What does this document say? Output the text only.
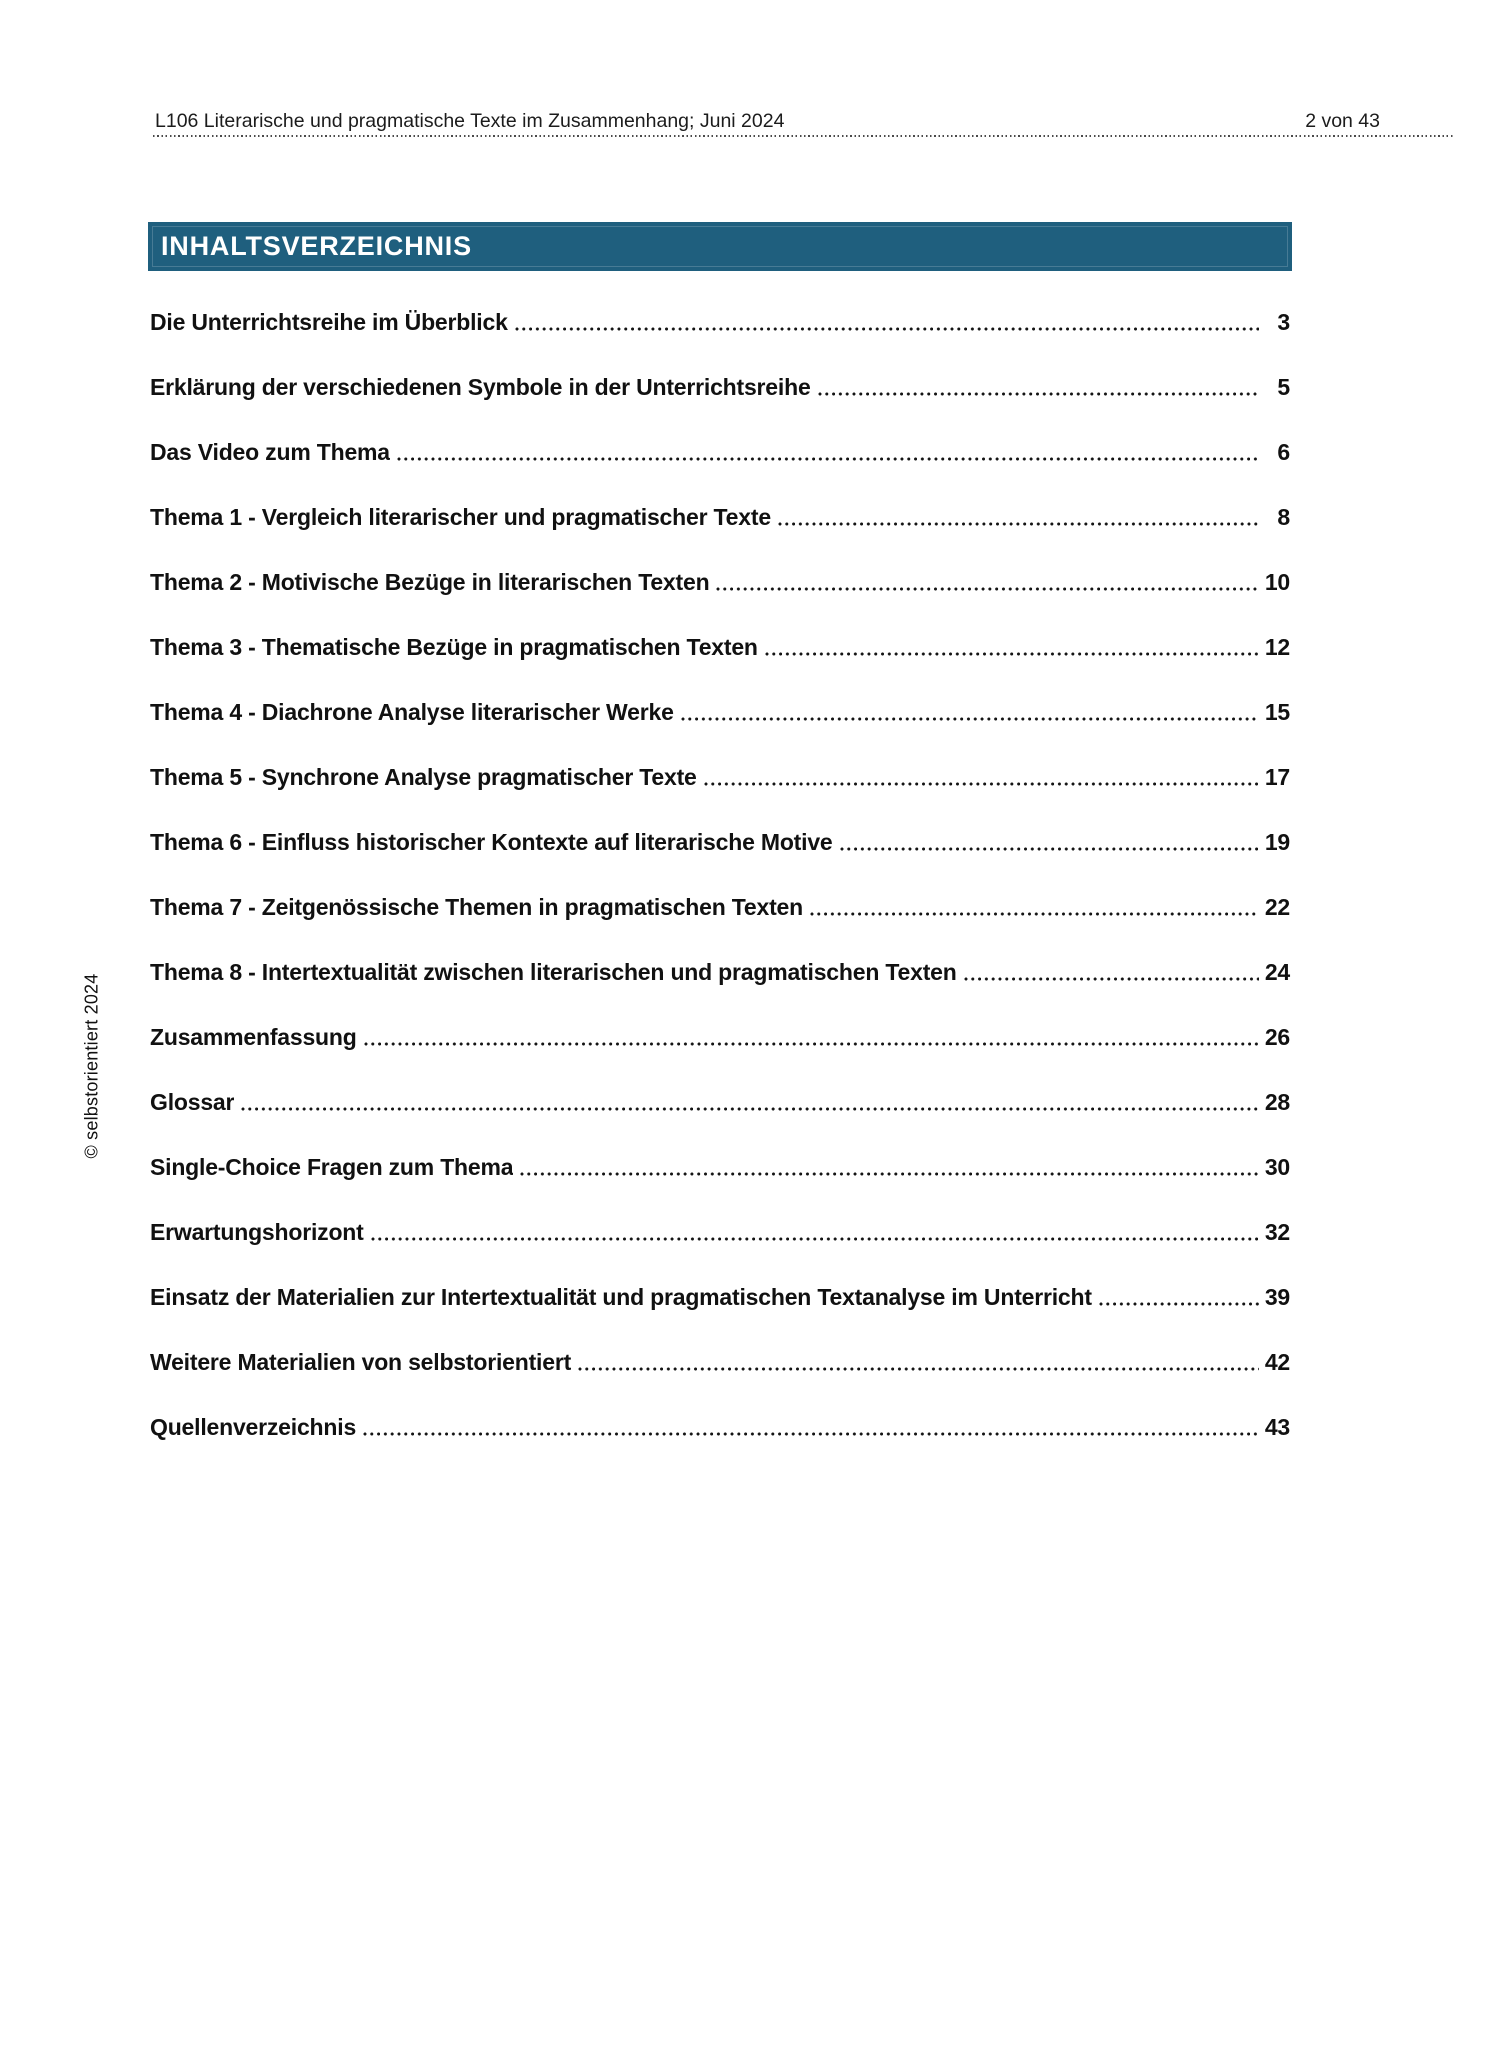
L106 Literarische und pragmatische Texte im Zusammenhang; Juni 2024	2 von 43
INHALTSVERZEICHNIS
Die Unterrichtsreihe im Überblick	3
Erklärung der verschiedenen Symbole in der Unterrichtsreihe	5
Das Video zum Thema	6
Thema 1 - Vergleich literarischer und pragmatischer Texte	8
Thema 2 - Motivische Bezüge in literarischen Texten	10
Thema 3 - Thematische Bezüge in pragmatischen Texten	12
Thema 4 - Diachrone Analyse literarischer Werke	15
Thema 5 - Synchrone Analyse pragmatischer Texte	17
Thema 6 - Einfluss historischer Kontexte auf literarische Motive	19
Thema 7 - Zeitgenössische Themen in pragmatischen Texten	22
Thema 8 - Intertextualität zwischen literarischen und pragmatischen Texten	24
Zusammenfassung	26
Glossar	28
Single-Choice Fragen zum Thema	30
Erwartungshorizont	32
Einsatz der Materialien zur Intertextualität und pragmatischen Textanalyse im Unterricht	39
Weitere Materialien von selbstorientiert	42
Quellenverzeichnis	43
© selbstorientiert 2024
